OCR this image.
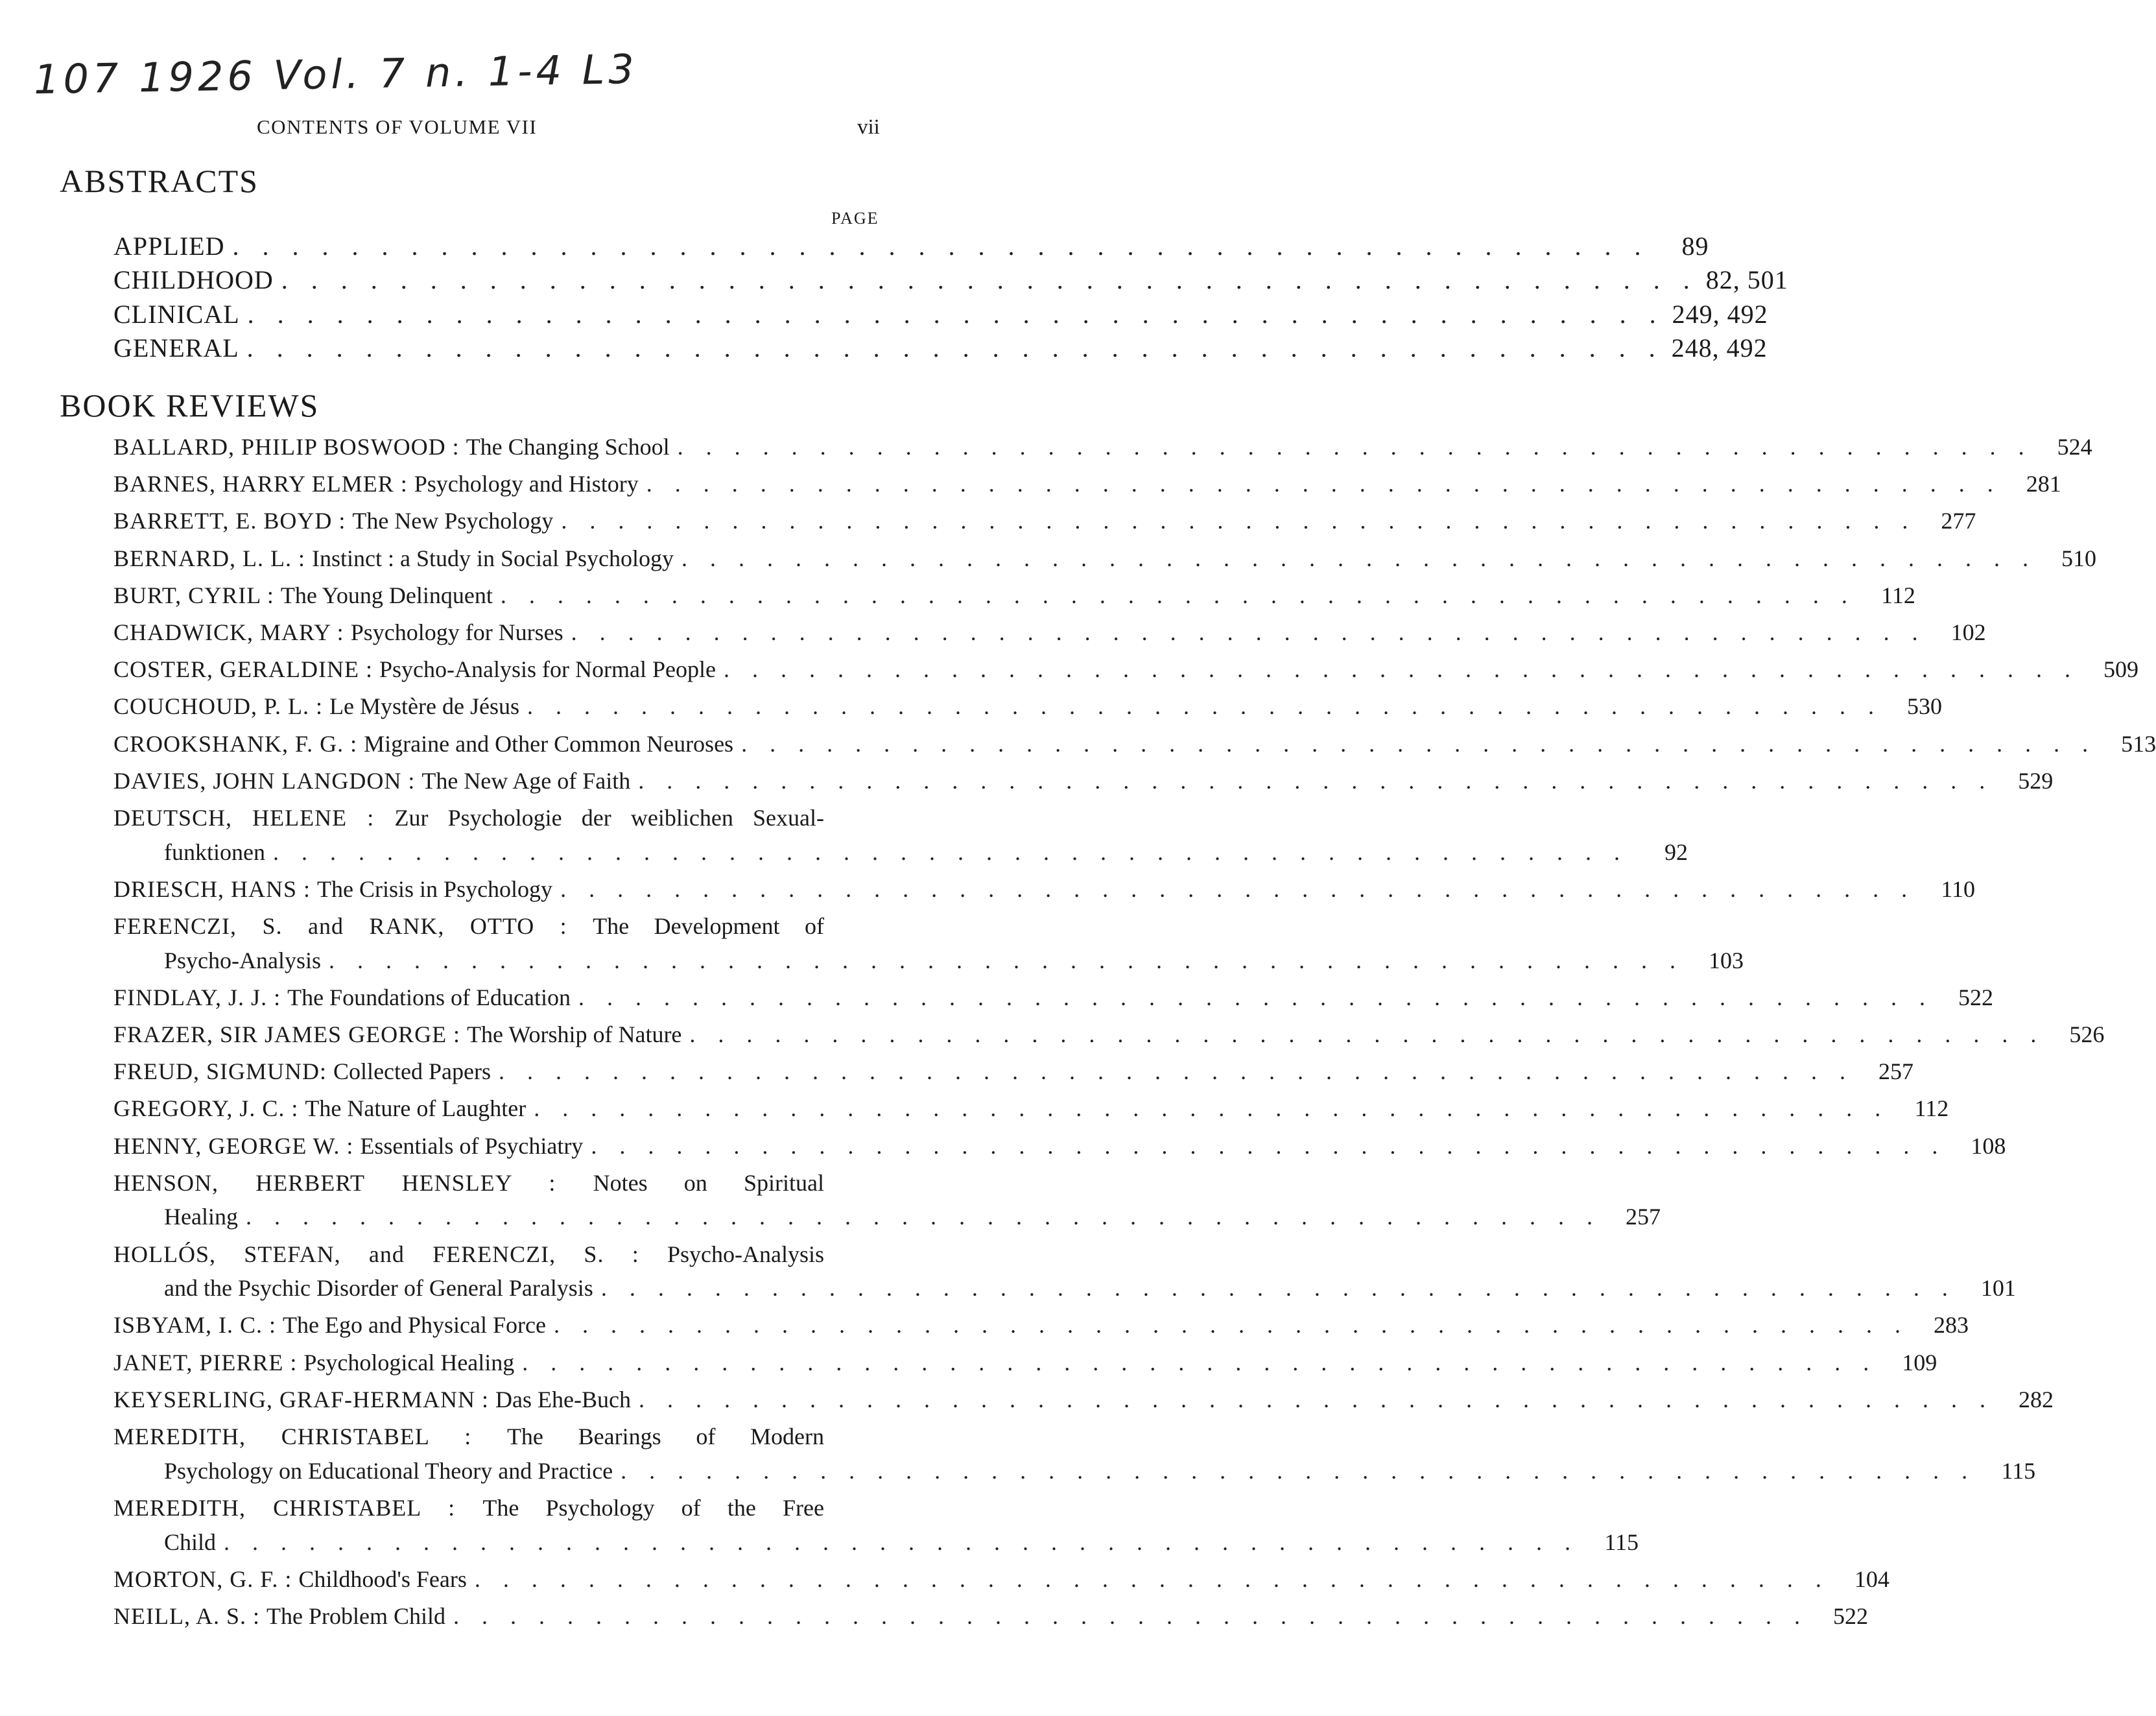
107 1926 Vol. 7 n. 1-4 L3
CONTENTS OF VOLUME VII	vii
ABSTRACTS
PAGE
APPLIED . . . . . . . . . . . . . . . . . . . . . . . . . . . . . . . . . . . . . . . . . . . . . . . .	89
CHILDHOOD . . . . . . . . . . . . . . . . . . . . . . . . . . . . . . . . . . . . . . . . . . . . . . . . 82, 501
CLINICAL . . . . . . . . . . . . . . . . . . . . . . . . . . . . . . . . . . . . . . . . . . . . . . . . 249, 492
GENERAL . . . . . . . . . . . . . . . . . . . . . . . . . . . . . . . . . . . . . . . . . . . . . . . . 248, 492
BOOK REVIEWS
BALLARD, PHILIP BOSWOOD : The Changing School . . . . . . . . . . . . . . . . . . . . . . . . . . . . . . . . . . . . . . . . . . . . . . . .	524
BARNES, HARRY ELMER : Psychology and History . . . . . . . . . . . . . . . . . . . . . . . . . . . . . . . . . . . . . . . . . . . . . . . .	281
BARRETT, E. BOYD : The New Psychology . . . . . . . . . . . . . . . . . . . . . . . . . . . . . . . . . . . . . . . . . . . . . . . .	277
BERNARD, L. L. : Instinct : a Study in Social Psychology . . . . . . . . . . . . . . . . . . . . . . . . . . . . . . . . . . . . . . . . . . . . . . . .	510
BURT, CYRIL : The Young Delinquent . . . . . . . . . . . . . . . . . . . . . . . . . . . . . . . . . . . . . . . . . . . . . . . .	112
CHADWICK, MARY : Psychology for Nurses . . . . . . . . . . . . . . . . . . . . . . . . . . . . . . . . . . . . . . . . . . . . . . . .	102
COSTER, GERALDINE : Psycho-Analysis for Normal People . . . . . . . . . . . . . . . . . . . . . . . . . . . . . . . . . . . . . . . . . . . . . . . .	509
COUCHOUD, P. L. : Le Mystère de Jésus . . . . . . . . . . . . . . . . . . . . . . . . . . . . . . . . . . . . . . . . . . . . . . . .	530
CROOKSHANK, F. G. : Migraine and Other Common Neuroses . . . . . . . . . . . . . . . . . . . . . . . . . . . . . . . . . . . . . . . . . . . . . . . .	513
DAVIES, JOHN LANGDON : The New Age of Faith . . . . . . . . . . . . . . . . . . . . . . . . . . . . . . . . . . . . . . . . . . . . . . . .	529
DEUTSCH, HELENE : Zur Psychologie der weiblichen Sexual-
funktionen . . . . . . . . . . . . . . . . . . . . . . . . . . . . . . . . . . . . . . . . . . . . . . . .	92
DRIESCH, HANS : The Crisis in Psychology . . . . . . . . . . . . . . . . . . . . . . . . . . . . . . . . . . . . . . . . . . . . . . . .	110
FERENCZI, S. and RANK, OTTO : The Development of
Psycho-Analysis . . . . . . . . . . . . . . . . . . . . . . . . . . . . . . . . . . . . . . . . . . . . . . . .	103
FINDLAY, J. J. : The Foundations of Education . . . . . . . . . . . . . . . . . . . . . . . . . . . . . . . . . . . . . . . . . . . . . . . .	522
FRAZER, SIR JAMES GEORGE : The Worship of Nature . . . . . . . . . . . . . . . . . . . . . . . . . . . . . . . . . . . . . . . . . . . . . . . .	526
FREUD, SIGMUND: Collected Papers . . . . . . . . . . . . . . . . . . . . . . . . . . . . . . . . . . . . . . . . . . . . . . . .	257
GREGORY, J. C. : The Nature of Laughter . . . . . . . . . . . . . . . . . . . . . . . . . . . . . . . . . . . . . . . . . . . . . . . .	112
HENNY, GEORGE W. : Essentials of Psychiatry . . . . . . . . . . . . . . . . . . . . . . . . . . . . . . . . . . . . . . . . . . . . . . . .	108
HENSON, HERBERT HENSLEY : Notes on Spiritual
Healing . . . . . . . . . . . . . . . . . . . . . . . . . . . . . . . . . . . . . . . . . . . . . . . .	257
HOLLÓS, STEFAN, and FERENCZI, S. : Psycho-Analysis
and the Psychic Disorder of General Paralysis . . . . . . . . . . . . . . . . . . . . . . . . . . . . . . . . . . . . . . . . . . . . . . . .	101
ISBYAM, I. C. : The Ego and Physical Force . . . . . . . . . . . . . . . . . . . . . . . . . . . . . . . . . . . . . . . . . . . . . . . .	283
JANET, PIERRE : Psychological Healing . . . . . . . . . . . . . . . . . . . . . . . . . . . . . . . . . . . . . . . . . . . . . . . .	109
KEYSERLING, GRAF-HERMANN : Das Ehe-Buch . . . . . . . . . . . . . . . . . . . . . . . . . . . . . . . . . . . . . . . . . . . . . . . .	282
MEREDITH, CHRISTABEL : The Bearings of Modern
Psychology on Educational Theory and Practice . . . . . . . . . . . . . . . . . . . . . . . . . . . . . . . . . . . . . . . . . . . . . . . .	115
MEREDITH, CHRISTABEL : The Psychology of the Free
Child . . . . . . . . . . . . . . . . . . . . . . . . . . . . . . . . . . . . . . . . . . . . . . . .	115
MORTON, G. F. : Childhood's Fears . . . . . . . . . . . . . . . . . . . . . . . . . . . . . . . . . . . . . . . . . . . . . . . .	104
NEILL, A. S. : The Problem Child . . . . . . . . . . . . . . . . . . . . . . . . . . . . . . . . . . . . . . . . . . . . . . . .	522
